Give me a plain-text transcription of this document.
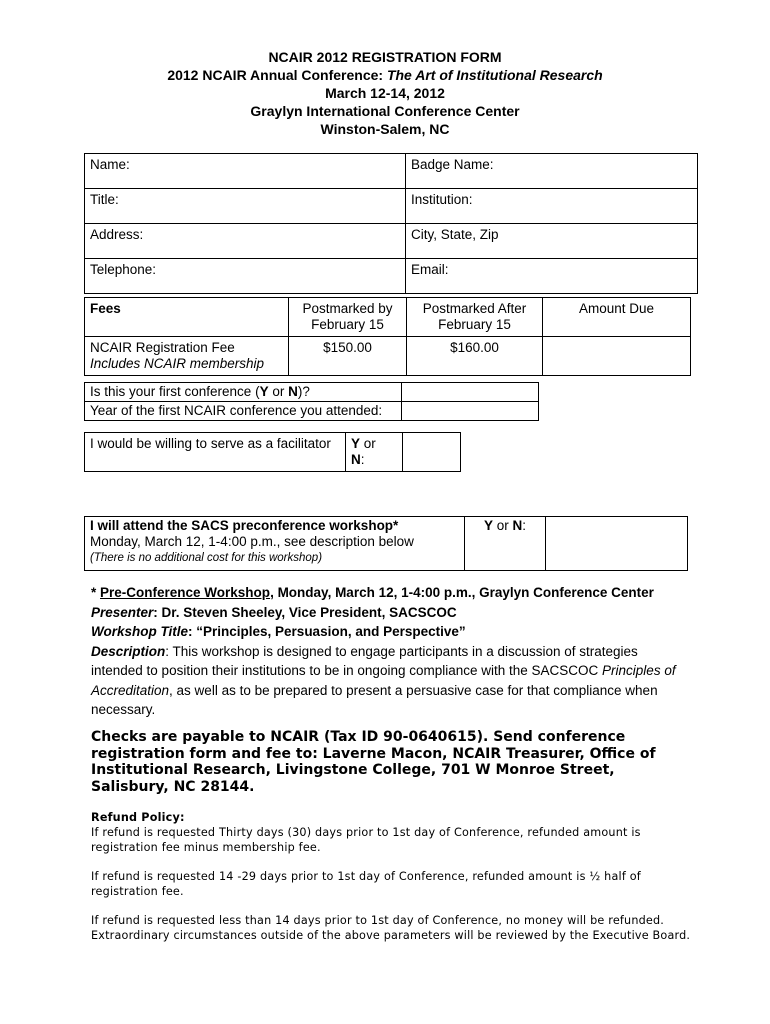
NCAIR 2012 REGISTRATION FORM
2012 NCAIR Annual Conference: The Art of Institutional Research
March 12-14, 2012
Graylyn International Conference Center
Winston-Salem, NC
Name:	Badge Name:
Title:	Institution:
Address:	City, State, Zip
Telephone:	Email:
Fees	Postmarked by February 15	Postmarked After February 15	Amount Due

NCAIR Registration Fee
Includes NCAIR membership	$150.00	$160.00	
Is this your first conference (Y or N)?	
Year of the first NCAIR conference you attended:	
I would be willing to serve as a facilitator	Y or
N:	
I will attend the SACS preconference workshop*
Monday, March 12, 1-4:00 p.m., see description below
(There is no additional cost for this workshop)
	Y or N:	
* Pre-Conference Workshop, Monday, March 12, 1-4:00 p.m., Graylyn Conference Center
Presenter: Dr. Steven Sheeley, Vice President, SACSCOC
Workshop Title: “Principles, Persuasion, and Perspective”
Description: This workshop is designed to engage participants in a discussion of strategies intended to position their institutions to be in ongoing compliance with the SACSCOC Principles of Accreditation, as well as to be prepared to present a persuasive case for that compliance when necessary.
Checks are payable to NCAIR (Tax ID 90-0640615). Send conference registration form and fee to: Laverne Macon, NCAIR Treasurer, Office of Institutional Research, Livingstone College, 701 W Monroe Street, Salisbury, NC 28144.
Refund Policy:

If refund is requested Thirty days (30) days prior to 1st day of Conference, refunded amount is registration fee minus membership fee.

If refund is requested 14 -29 days prior to 1st day of Conference, refunded amount is ½ half of registration fee.

If refund is requested less than 14 days prior to 1st day of Conference, no money will be refunded.

Extraordinary circumstances outside of the above parameters will be reviewed by the Executive Board.
